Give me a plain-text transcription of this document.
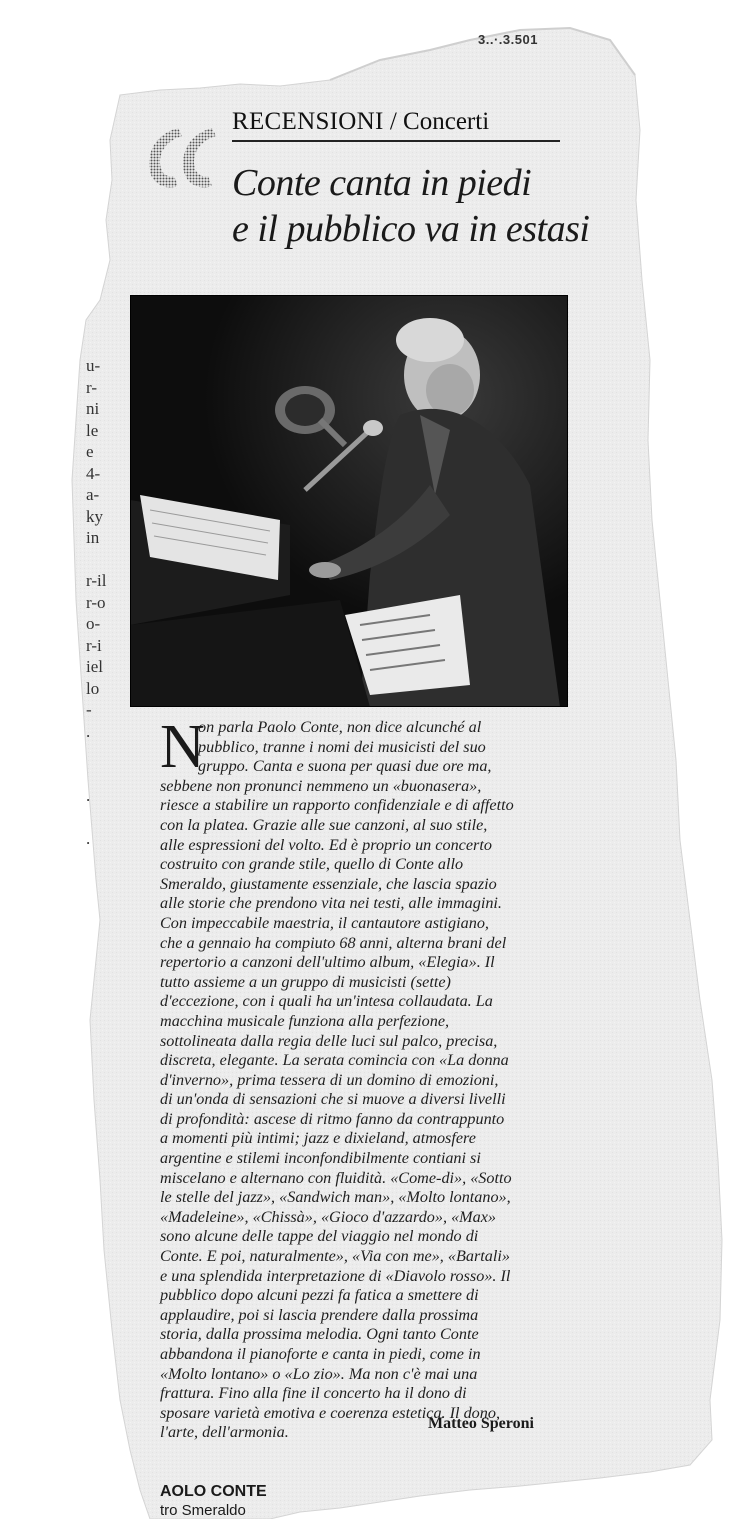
3..·.3.501
RECENSIONI / Concerti
Conte canta in piedi
e il pubblico va in estasi
N
on parla Paolo Conte, non dice alcunché al
pubblico, tranne i nomi dei musicisti del suo
gruppo. Canta e suona per quasi due ore ma,
sebbene non pronunci nemmeno un «buonasera»,
riesce a stabilire un rapporto confidenziale e di affetto
con la platea. Grazie alle sue canzoni, al suo stile,
alle espressioni del volto. Ed è proprio un concerto
costruito con grande stile, quello di Conte allo
Smeraldo, giustamente essenziale, che lascia spazio
alle storie che prendono vita nei testi, alle immagini.
Con impeccabile maestria, il cantautore astigiano,
che a gennaio ha compiuto 68 anni, alterna brani del
repertorio a canzoni dell'ultimo album, «Elegia». Il
tutto assieme a un gruppo di musicisti (sette)
d'eccezione, con i quali ha un'intesa collaudata. La
macchina musicale funziona alla perfezione,
sottolineata dalla regia delle luci sul palco, precisa,
discreta, elegante. La serata comincia con «La donna
d'inverno», prima tessera di un domino di emozioni,
di un'onda di sensazioni che si muove a diversi livelli
di profondità: ascese di ritmo fanno da contrappunto
a momenti più intimi; jazz e dixieland, atmosfere
argentine e stilemi inconfondibilmente contiani si
miscelano e alternano con fluidità. «Come-di», «Sotto
le stelle del jazz», «Sandwich man», «Molto lontano»,
«Madeleine», «Chissà», «Gioco d'azzardo», «Max»
sono alcune delle tappe del viaggio nel mondo di
Conte. E poi, naturalmente», «Via con me», «Bartali»
e una splendida interpretazione di «Diavolo rosso». Il
pubblico dopo alcuni pezzi fa fatica a smettere di
applaudire, poi si lascia prendere dalla prossima
storia, dalla prossima melodia. Ogni tanto Conte
abbandona il pianoforte e canta in piedi, come in
«Molto lontano» o «Lo zio». Ma non c'è mai una
frattura. Fino alla fine il concerto ha il dono di
sposare varietà emotiva e coerenza estetica. Il dono,
l'arte, dell'armonia.	Matteo Speroni
AOLO CONTE
tro Smeraldo
u-
r-
ni
le
e
4-
a-
ky
in

r-il
r-o
o-
r-i
iel
lo
-
.

.

.
